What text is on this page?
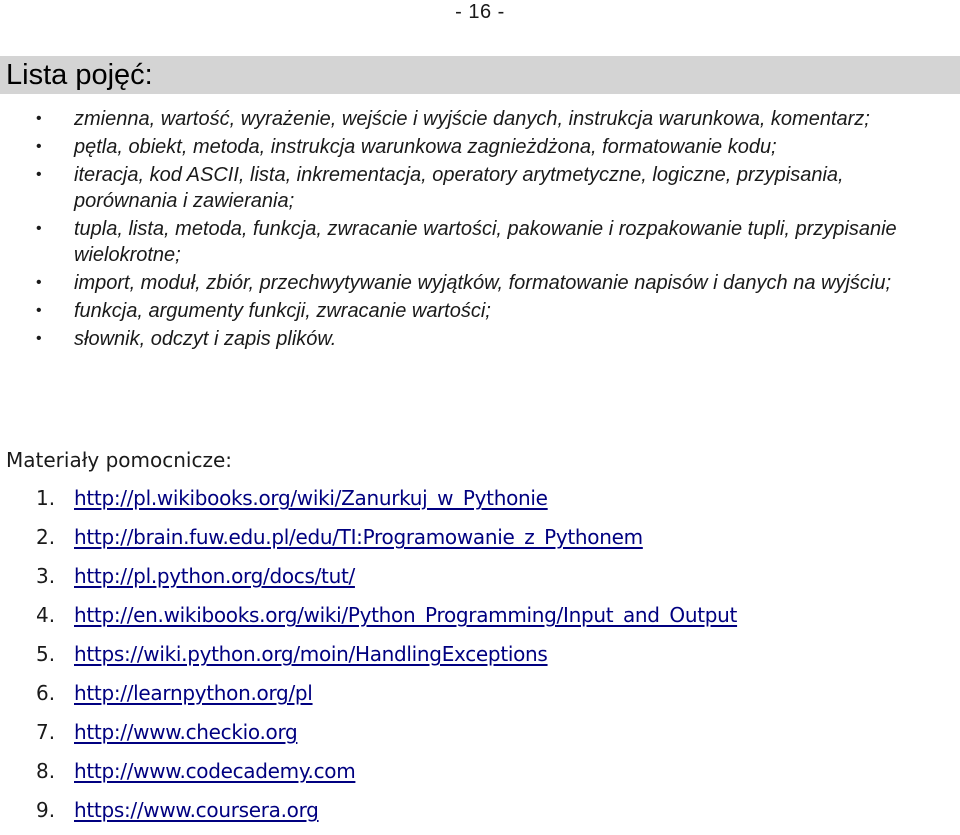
- 16 -
Lista pojęć:
• zmienna, wartość, wyrażenie, wejście i wyjście danych, instrukcja warunkowa, komentarz;
• pętla, obiekt, metoda, instrukcja warunkowa zagnieżdżona, formatowanie kodu;
• iteracja, kod ASCII, lista, inkrementacja, operatory arytmetyczne, logiczne, przypisania, porównania i zawierania;
• tupla, lista, metoda, funkcja, zwracanie wartości, pakowanie i rozpakowanie tupli, przypisanie wielokrotne;
• import, moduł, zbiór, przechwytywanie wyjątków, formatowanie napisów i danych na wyjściu;
• funkcja, argumenty funkcji, zwracanie wartości;
• słownik, odczyt i zapis plików.
Materiały pomocnicze:
1. http://pl.wikibooks.org/wiki/Zanurkuj_w_Pythonie
2. http://brain.fuw.edu.pl/edu/TI:Programowanie_z_Pythonem
3. http://pl.python.org/docs/tut/
4. http://en.wikibooks.org/wiki/Python_Programming/Input_and_Output
5. https://wiki.python.org/moin/HandlingExceptions
6. http://learnpython.org/pl
7. http://www.checkio.org
8. http://www.codecademy.com
9. https://www.coursera.org
